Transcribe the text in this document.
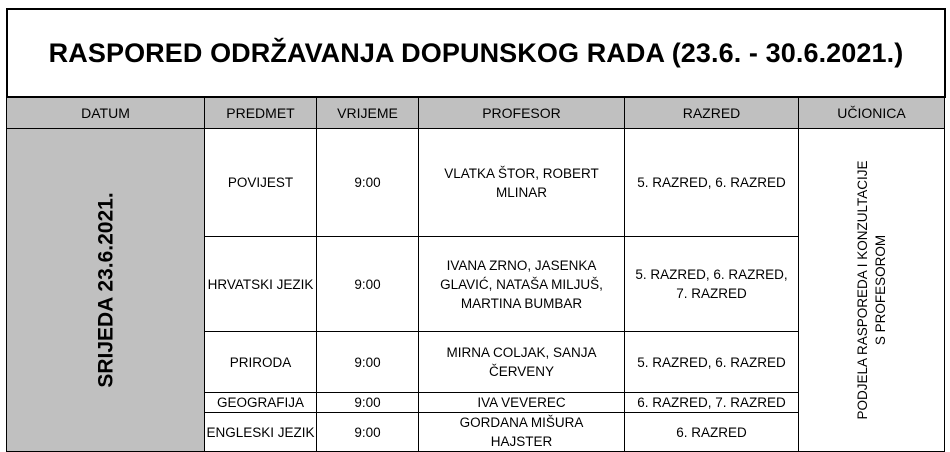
RASPORED ODRŽAVANJA DOPUNSKOG RADA (23.6. - 30.6.2021.)
DATUM	PREDMET	VRIJEME	PROFESOR	RAZRED	UČIONICA

SRIJEDA 23.6.2021.	POVIJEST	9:00	VLATKA ŠTOR, ROBERT MLINAR	5. RAZRED, 6. RAZRED	PODJELA RASPOREDA I KONZULTACIJE S PROFESOROM

	HRVATSKI JEZIK	9:00	IVANA ZRNO, JASENKA GLAVIĆ, NATAŠA MILJUŠ, MARTINA BUMBAR	5. RAZRED, 6. RAZRED, 7. RAZRED	
	PRIRODA	9:00	MIRNA COLJAK, SANJA ČERVENY	5. RAZRED, 6. RAZRED	
	GEOGRAFIJA	9:00	IVA VEVEREC	6. RAZRED, 7. RAZRED	
	ENGLESKI JEZIK	9:00	GORDANA MIŠURA HAJSTER	6. RAZRED	
